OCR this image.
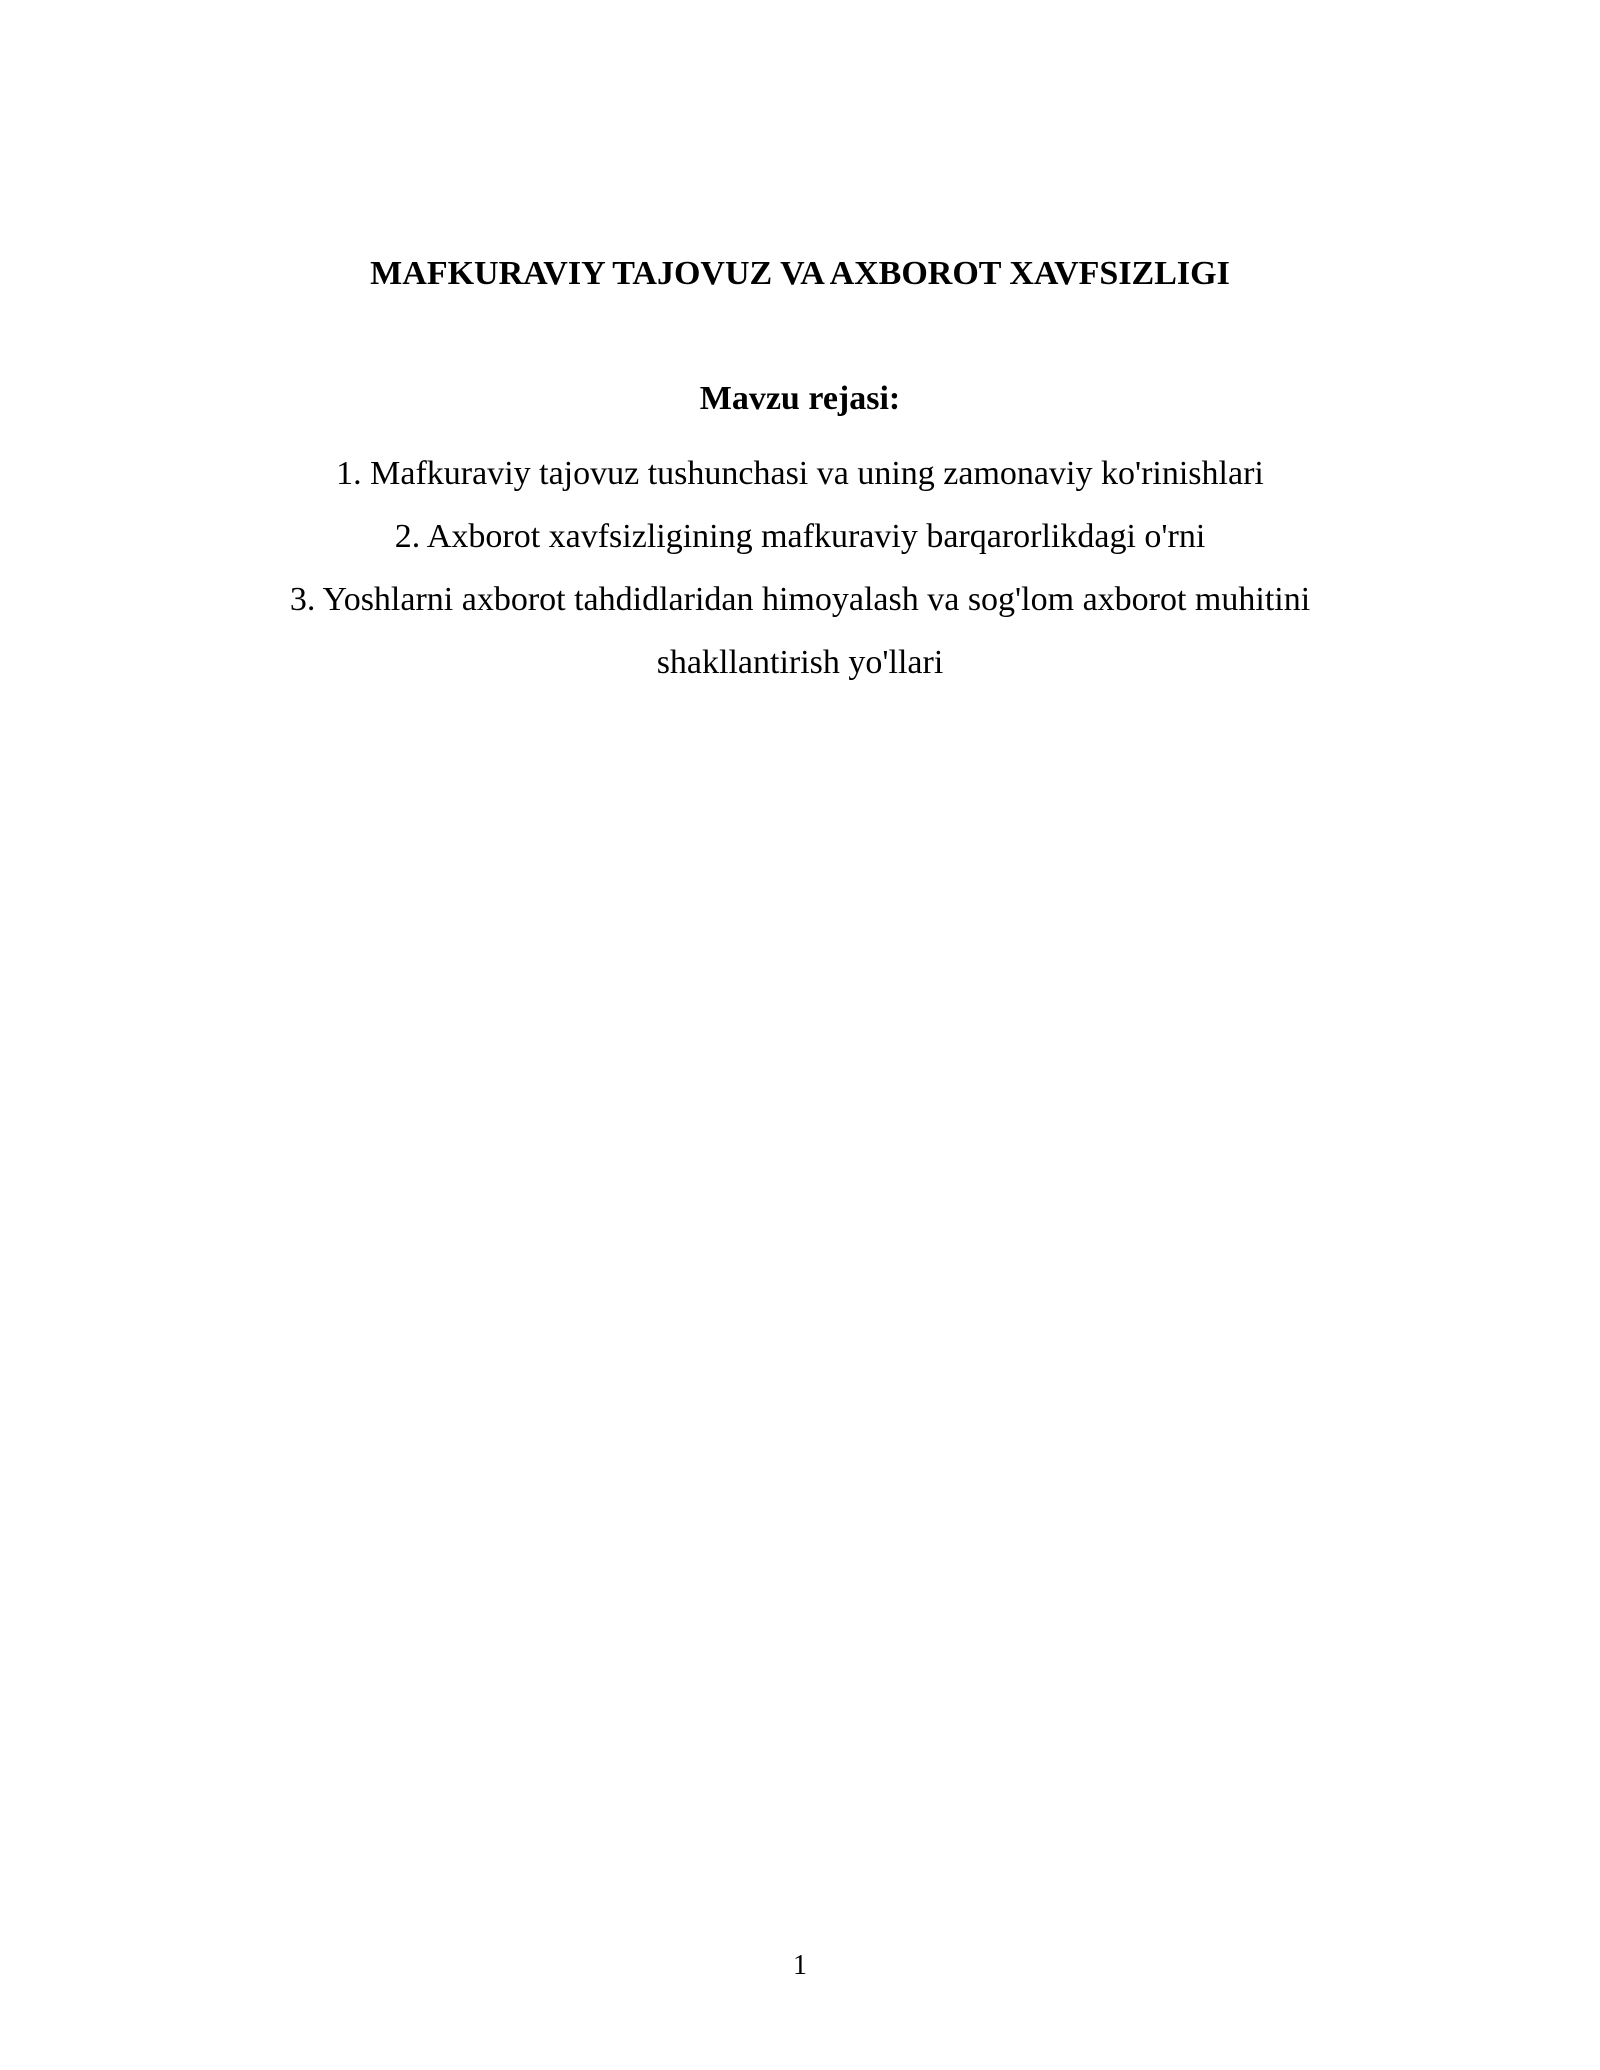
MAFKURAVIY TAJOVUZ VA AXBOROT XAVFSIZLIGI
Mavzu rejasi:
1. Mafkuraviy tajovuz tushunchasi va uning zamonaviy ko'rinishlari
2. Axborot xavfsizligining mafkuraviy barqarorlikdagi o'rni
3. Yoshlarni axborot tahdidlaridan himoyalash va sog'lom axborot muhitini shakllantirish yo'llari
1
